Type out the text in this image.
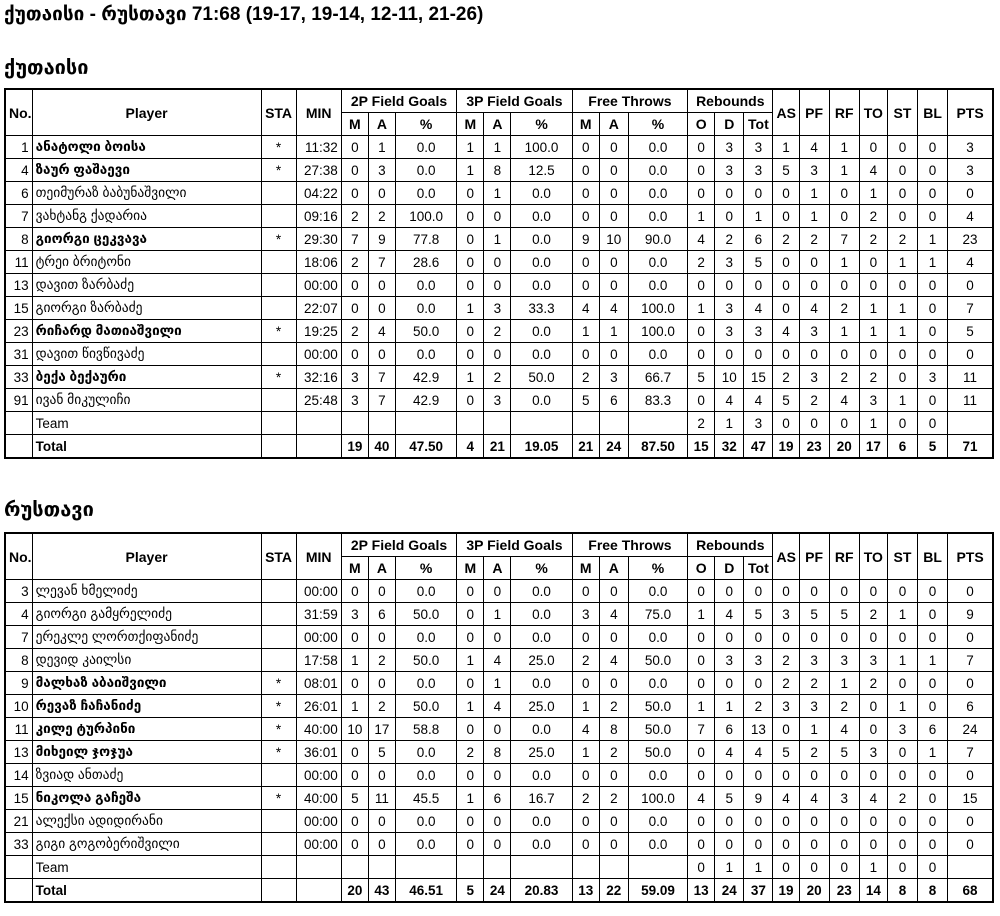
ქუთაისი - რუსთავი 71:68 (19-17, 19-14, 12-11, 21-26)
ქუთაისი
No.	Player	STA	MIN	2P Field Goals			3P Field Goals			Free Throws			Rebounds			AS	PF	RF	TO	ST	BL	PTS
				M	A	%	M	A	%	M	A	%	O	D	Tot							
1	ანატოლი ბოისა	*	11:32	0	1	0.0	1	1	100.0	0	0	0.0	0	3	3	1	4	1	0	0	0	3
4	ზაურ ფაშაევი	*	27:38	0	3	0.0	1	8	12.5	0	0	0.0	0	3	3	5	3	1	4	0	0	3
6	თეიმურაზ ბაბუნაშვილი		04:22	0	0	0.0	0	1	0.0	0	0	0.0	0	0	0	0	1	0	1	0	0	0
7	ვახტანგ ქადარია		09:16	2	2	100.0	0	0	0.0	0	0	0.0	1	0	1	0	1	0	2	0	0	4
8	გიორგი ცეკვავა	*	29:30	7	9	77.8	0	1	0.0	9	10	90.0	4	2	6	2	2	7	2	2	1	23
11	ტრეი ბრიტონი		18:06	2	7	28.6	0	0	0.0	0	0	0.0	2	3	5	0	0	1	0	1	1	4
13	დავით ზარბაძე		00:00	0	0	0.0	0	0	0.0	0	0	0.0	0	0	0	0	0	0	0	0	0	0
15	გიორგი ზარბაძე		22:07	0	0	0.0	1	3	33.3	4	4	100.0	1	3	4	0	4	2	1	1	0	7
23	რიჩარდ მათიაშვილი	*	19:25	2	4	50.0	0	2	0.0	1	1	100.0	0	3	3	4	3	1	1	1	0	5
31	დავით წივწივაძე		00:00	0	0	0.0	0	0	0.0	0	0	0.0	0	0	0	0	0	0	0	0	0	0
33	ბექა ბექაური	*	32:16	3	7	42.9	1	2	50.0	2	3	66.7	5	10	15	2	3	2	2	0	3	11
91	ივან მიკულიჩი		25:48	3	7	42.9	0	3	0.0	5	6	83.3	0	4	4	5	2	4	3	1	0	11
	Team												2	1	3	0	0	0	1	0	0	
	Total			19	40	47.50	4	21	19.05	21	24	87.50	15	32	47	19	23	20	17	6	5	71
რუსთავი
No.	Player	STA	MIN	2P Field Goals			3P Field Goals			Free Throws			Rebounds			AS	PF	RF	TO	ST	BL	PTS
				M	A	%	M	A	%	M	A	%	O	D	Tot							
3	ლევან ხმელიძე		00:00	0	0	0.0	0	0	0.0	0	0	0.0	0	0	0	0	0	0	0	0	0	0
4	გიორგი გამყრელიძე		31:59	3	6	50.0	0	1	0.0	3	4	75.0	1	4	5	3	5	5	2	1	0	9
7	ერეკლე ლორთქიფანიძე		00:00	0	0	0.0	0	0	0.0	0	0	0.0	0	0	0	0	0	0	0	0	0	0
8	დევიდ კაილსი		17:58	1	2	50.0	1	4	25.0	2	4	50.0	0	3	3	2	3	3	3	1	1	7
9	მალხაზ აბაიშვილი	*	08:01	0	0	0.0	0	1	0.0	0	0	0.0	0	0	0	2	2	1	2	0	0	0
10	რევაზ ჩაჩანიძე	*	26:01	1	2	50.0	1	4	25.0	1	2	50.0	1	1	2	3	3	2	0	1	0	6
11	კილე ტურპინი	*	40:00	10	17	58.8	0	0	0.0	4	8	50.0	7	6	13	0	1	4	0	3	6	24
13	მიხეილ ჯოჯუა	*	36:01	0	5	0.0	2	8	25.0	1	2	50.0	0	4	4	5	2	5	3	0	1	7
14	ზვიად ანთაძე		00:00	0	0	0.0	0	0	0.0	0	0	0.0	0	0	0	0	0	0	0	0	0	0
15	ნიკოლა გაჩეშა	*	40:00	5	11	45.5	1	6	16.7	2	2	100.0	4	5	9	4	4	3	4	2	0	15
21	ალექსი ადიდირანი		00:00	0	0	0.0	0	0	0.0	0	0	0.0	0	0	0	0	0	0	0	0	0	0
33	გიგი გოგობერიშვილი		00:00	0	0	0.0	0	0	0.0	0	0	0.0	0	0	0	0	0	0	0	0	0	0
	Team												0	1	1	0	0	0	1	0	0	
	Total			20	43	46.51	5	24	20.83	13	22	59.09	13	24	37	19	20	23	14	8	8	68
